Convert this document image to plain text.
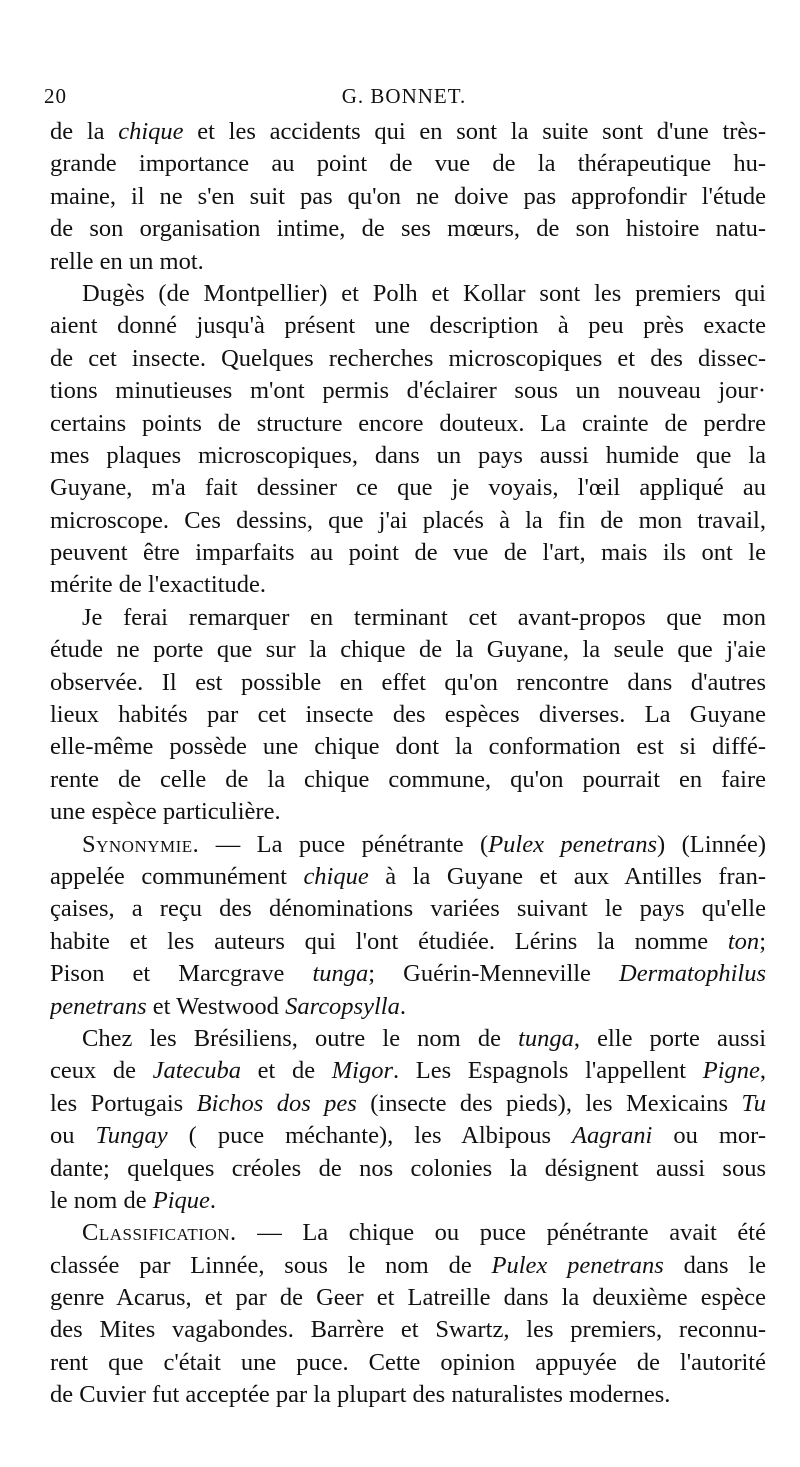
20	G. BONNET.
de la chique et les accidents qui en sont la suite sont d'une très-
grande importance au point de vue de la thérapeutique hu-
maine, il ne s'en suit pas qu'on ne doive pas approfondir l'étude
de son organisation intime, de ses mœurs, de son histoire natu-
relle en un mot.
Dugès (de Montpellier) et Polh et Kollar sont les premiers qui
aient donné jusqu'à présent une description à peu près exacte
de cet insecte. Quelques recherches microscopiques et des dissec-
tions minutieuses m'ont permis d'éclairer sous un nouveau jour·
certains points de structure encore douteux. La crainte de perdre
mes plaques microscopiques, dans un pays aussi humide que la
Guyane, m'a fait dessiner ce que je voyais, l'œil appliqué au
microscope. Ces dessins, que j'ai placés à la fin de mon travail,
peuvent être imparfaits au point de vue de l'art, mais ils ont le
mérite de l'exactitude.
Je ferai remarquer en terminant cet avant-propos que mon
étude ne porte que sur la chique de la Guyane, la seule que j'aie
observée. Il est possible en effet qu'on rencontre dans d'autres
lieux habités par cet insecte des espèces diverses. La Guyane
elle-même possède une chique dont la conformation est si diffé-
rente de celle de la chique commune, qu'on pourrait en faire
une espèce particulière.
Synonymie. — La puce pénétrante (Pulex penetrans) (Linnée)
appelée communément chique à la Guyane et aux Antilles fran-
çaises, a reçu des dénominations variées suivant le pays qu'elle
habite et les auteurs qui l'ont étudiée. Lérins la nomme ton;
Pison et Marcgrave tunga; Guérin-Menneville Dermatophilus
penetrans et Westwood Sarcopsylla.
Chez les Brésiliens, outre le nom de tunga, elle porte aussi
ceux de Jatecuba et de Migor. Les Espagnols l'appellent Pigne,
les Portugais Bichos dos pes (insecte des pieds), les Mexicains Tu
ou Tungay ( puce méchante), les Albipous Aagrani ou mor-
dante; quelques créoles de nos colonies la désignent aussi sous
le nom de Pique.
Classification. — La chique ou puce pénétrante avait été
classée par Linnée, sous le nom de Pulex penetrans dans le
genre Acarus, et par de Geer et Latreille dans la deuxième espèce
des Mites vagabondes. Barrère et Swartz, les premiers, reconnu-
rent que c'était une puce. Cette opinion appuyée de l'autorité
de Cuvier fut acceptée par la plupart des naturalistes modernes.
